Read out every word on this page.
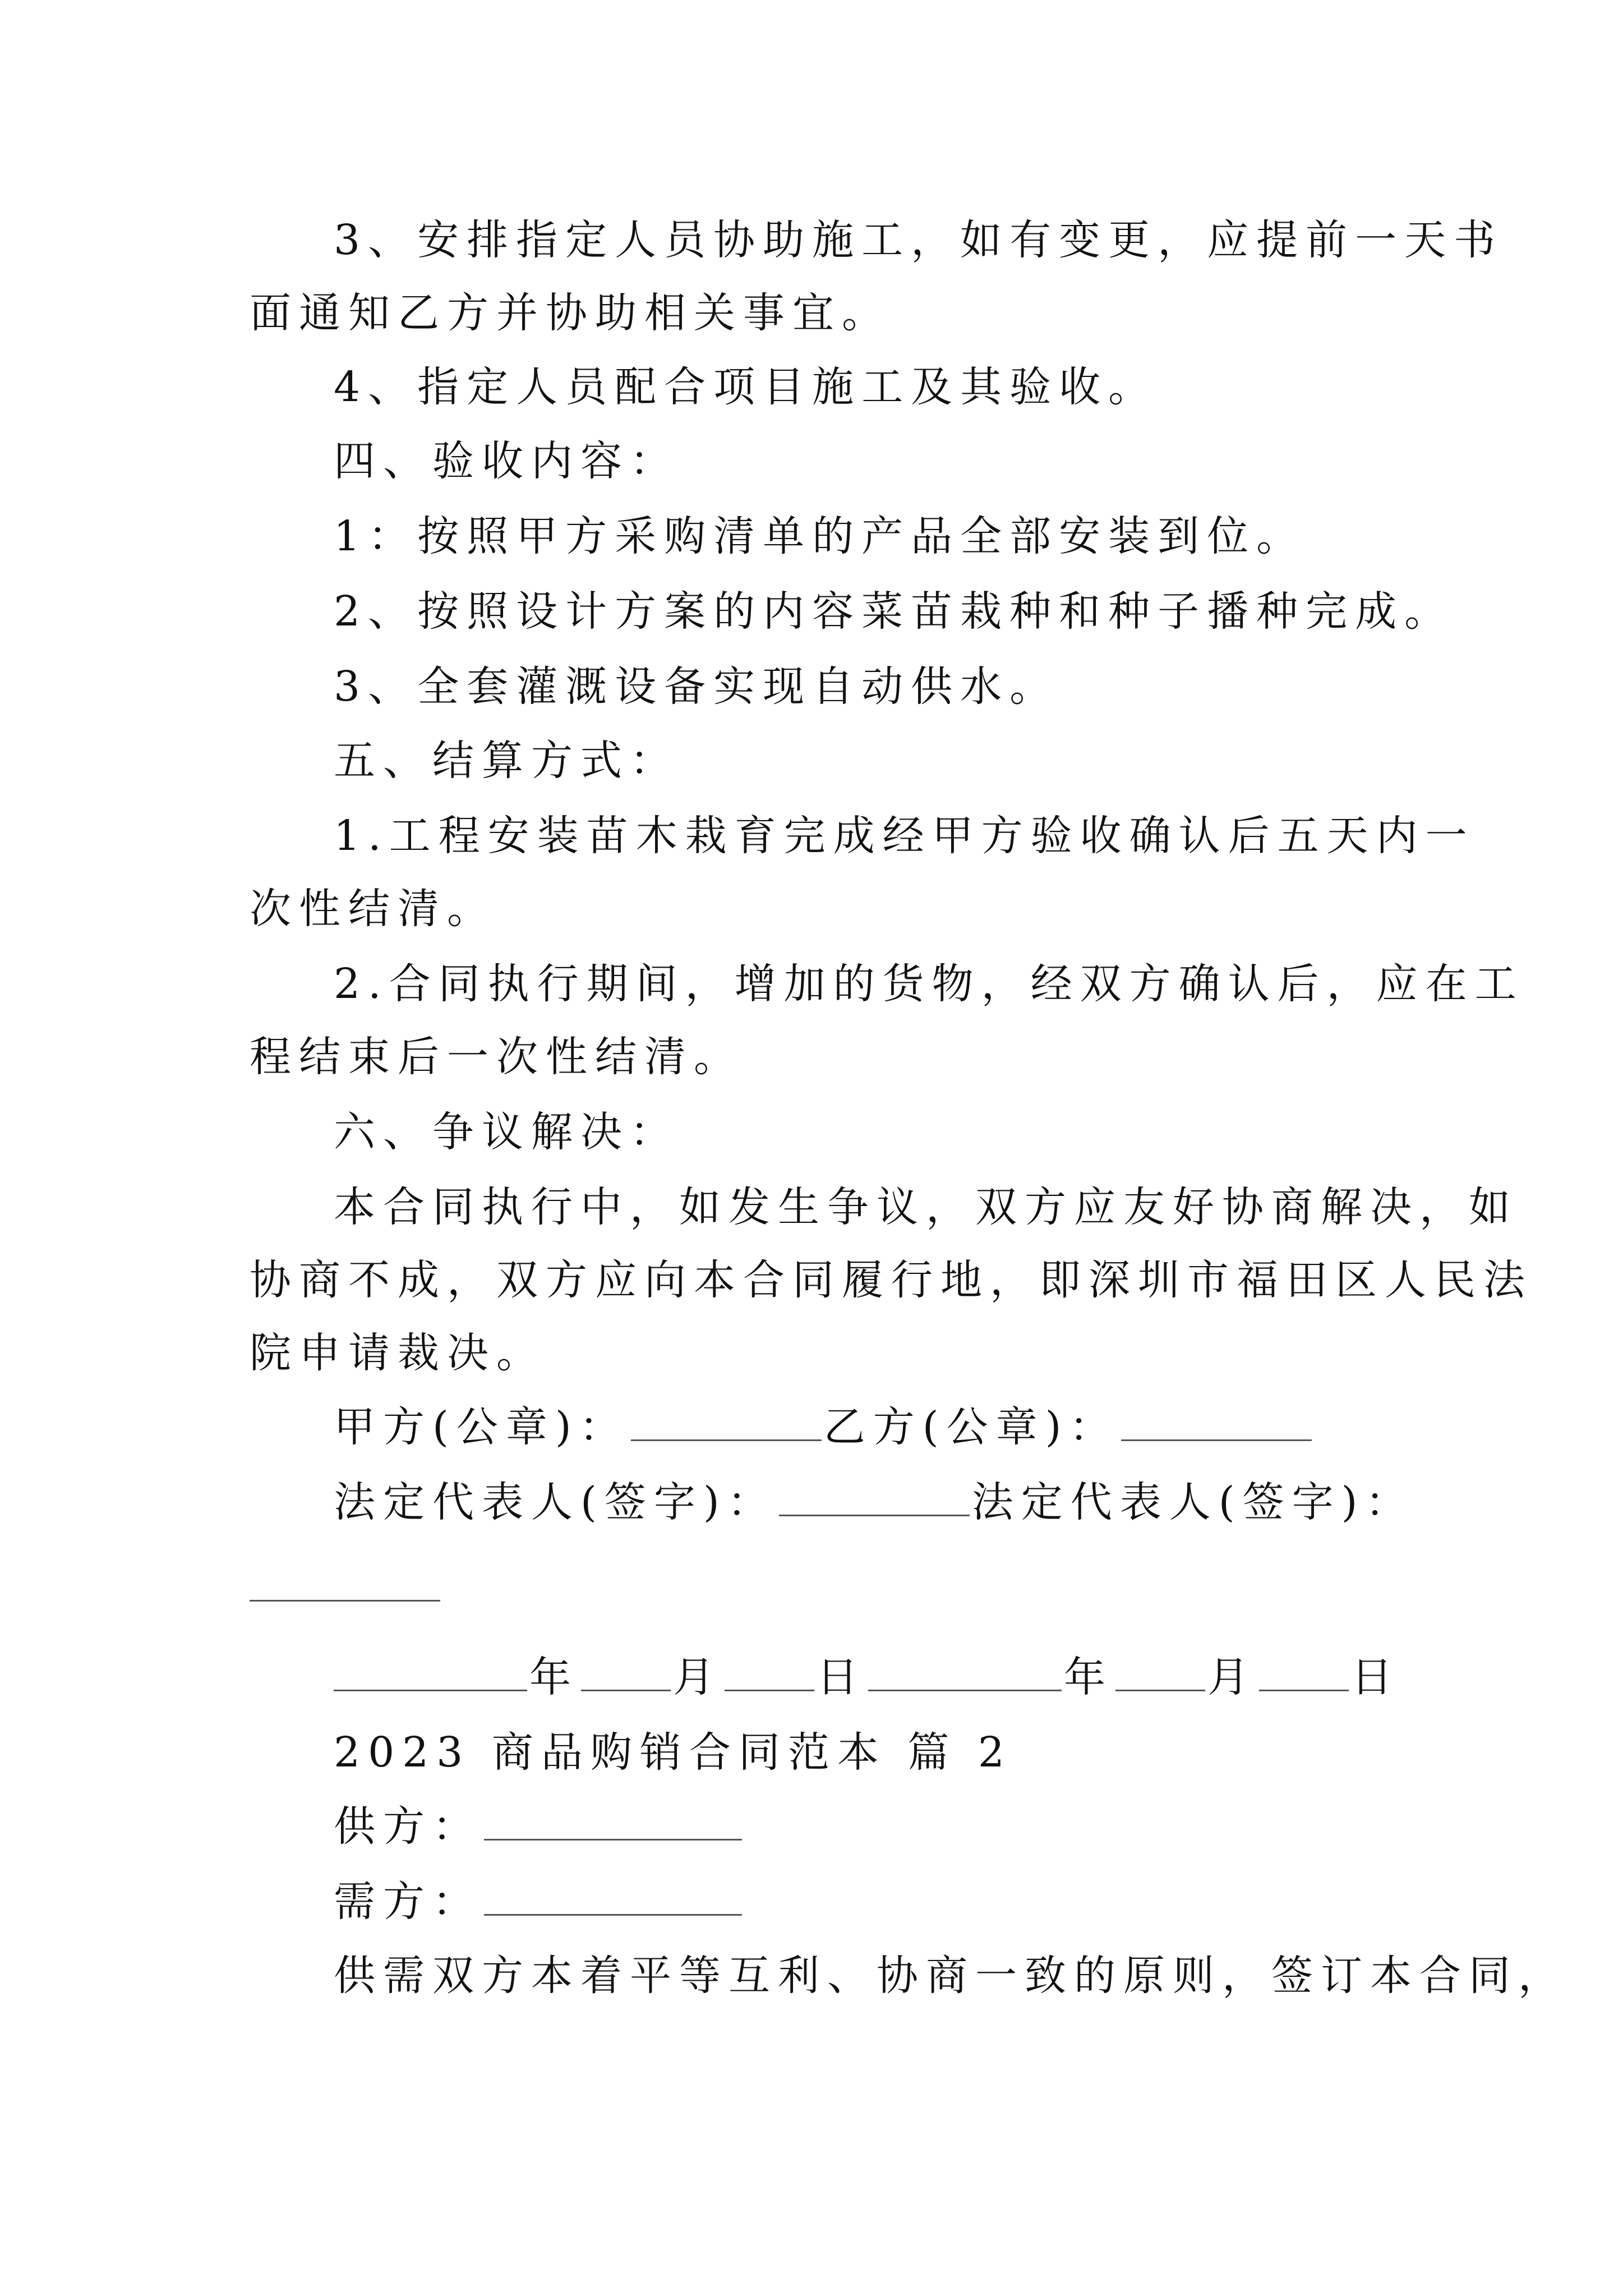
3、安排指定人员协助施工，如有变更，应提前一天书
面通知乙方并协助相关事宜。
4、指定人员配合项目施工及其验收。
四、验收内容：
1：按照甲方采购清单的产品全部安装到位。
2、按照设计方案的内容菜苗栽种和种子播种完成。
3、全套灌溉设备实现自动供水。
五、结算方式：
1.工程安装苗木栽育完成经甲方验收确认后五天内一
次性结清。
2.合同执行期间，增加的货物，经双方确认后，应在工
程结束后一次性结清。
六、争议解决：
本合同执行中，如发生争议，双方应友好协商解决，如
协商不成，双方应向本合同履行地，即深圳市福田区人民法
院申请裁决。
甲方(公章)：	乙方(公章)：
法定代表人(签字)：	法定代表人(签字)：
年 月 日	年 月 日
2023 商品购销合同范本 篇 2
供方：
需方：
供需双方本着平等互利、协商一致的原则，签订本合同，
